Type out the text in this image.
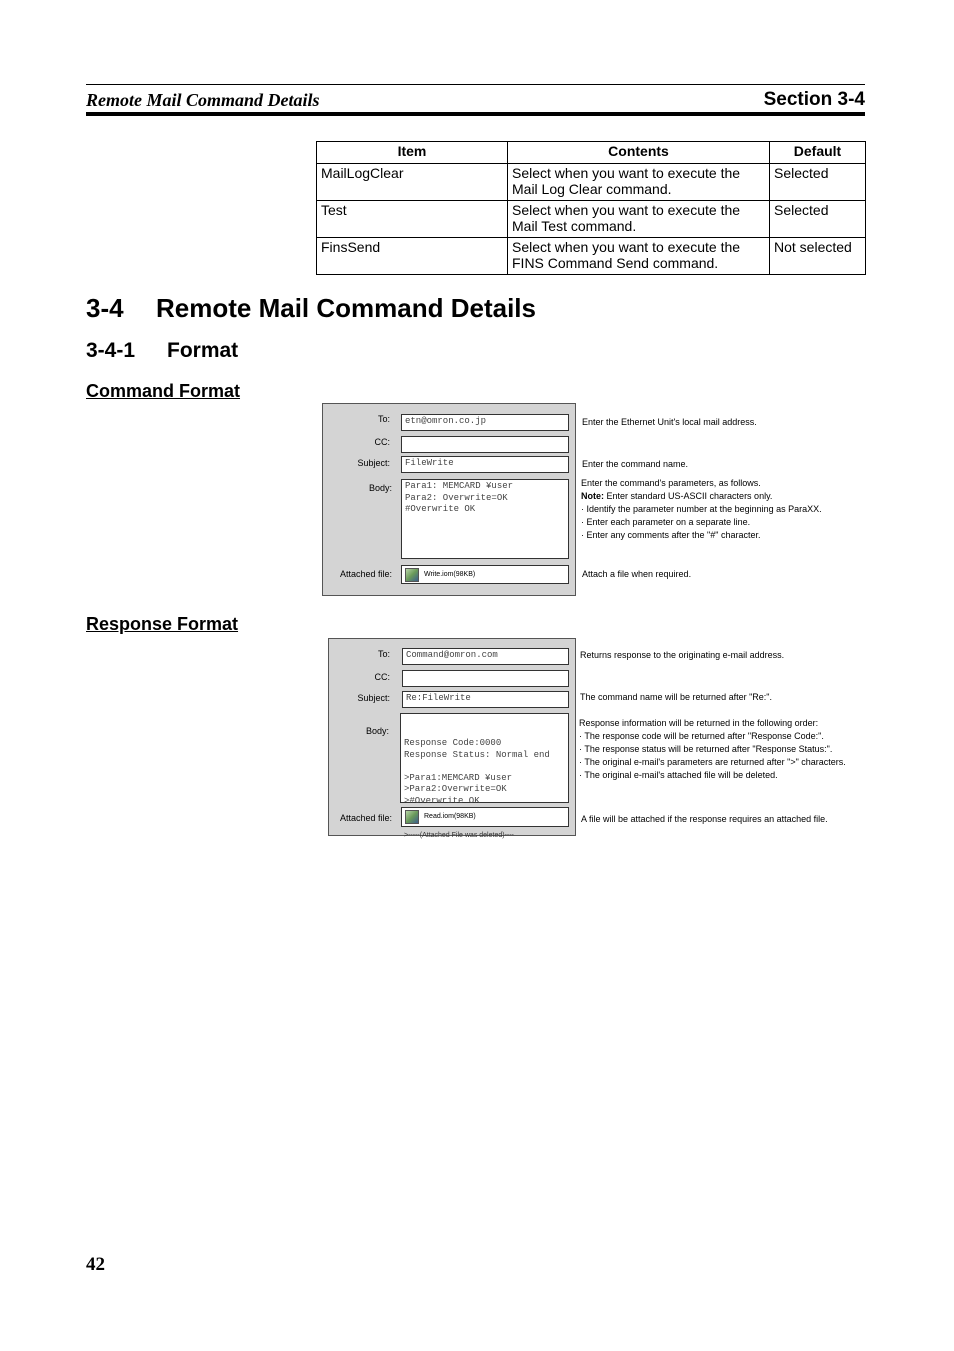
Remote Mail Command Details	Section 3-4
Item	Contents	Default
MailLogClear	Select when you want to execute the Mail Log Clear command.	Selected
Test	Select when you want to execute the Mail Test command.	Selected
FinsSend	Select when you want to execute the FINS Command Send command.	Not selected
3-4 Remote Mail Command Details
3-4-1 Format
Command Format
To:	etn@omron.co.jp
CC:
Subject:	FileWrite
Body:	Para1: MEMCARD ¥user
Para2: Overwrite=OK
#Overwrite OK
Attached file:	Write.iom(98KB)
Enter the Ethernet Unit's local mail address.
Enter the command name.
Enter the command's parameters, as follows.
Note: Enter standard US-ASCII characters only.
· Identify the parameter number at the beginning as ParaXX.
· Enter each parameter on a separate line.
· Enter any comments after the "#" character.
Attach a file when required.
Response Format
To:	Command@omron.com
CC:
Subject:	Re:FileWrite
Body:

Response Code:0000
Response Status: Normal end

>Para1:MEMCARD ¥user
>Para2:Overwrite=OK
>#Overwrite OK

>-----(Attached File was deleted)----

Attached file:	Read.iom(98KB)
Returns response to the originating e-mail address.
The command name will be returned after "Re:".
Response information will be returned in the following order:
· The response code will be returned after "Response Code:".
· The response status will be returned after "Response Status:".
· The original e-mail's parameters are returned after ">" characters.
· The original e-mail's attached file will be deleted.
A file will be attached if the response requires an attached file.
42
